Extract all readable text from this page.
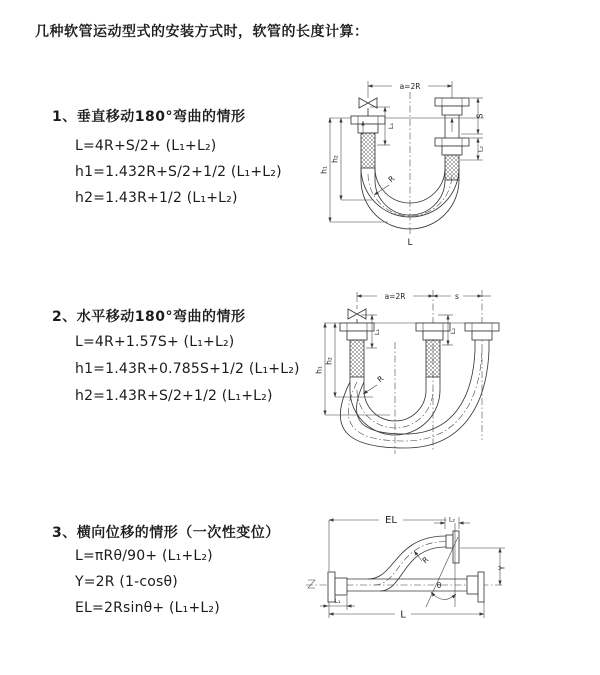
几种软管运动型式的安装方式时，软管的长度计算：
1、垂直移动180°弯曲的情形
L=4R+S/2+ (L₁+L₂)
h1=1.432R+S/2+1/2 (L₁+L₂)
h2=1.43R+1/2 (L₁+L₂)
2、水平移动180°弯曲的情形
L=4R+1.57S+ (L₁+L₂)
h1=1.43R+0.785S+1/2 (L₁+L₂)
h2=1.43R+S/2+1/2 (L₁+L₂)
3、横向位移的情形（一次性变位）
L=πRθ/90+ (L₁+L₂)
Y=2R (1-cosθ)
EL=2Rsinθ+ (L₁+L₂)
a=2R
h₁
h₂
L₁
S
L₂
R
L
a=2R	s
h₁
h₂
L₁	L₂
R
θ
EL	L₂
Y
L
L₁
R
